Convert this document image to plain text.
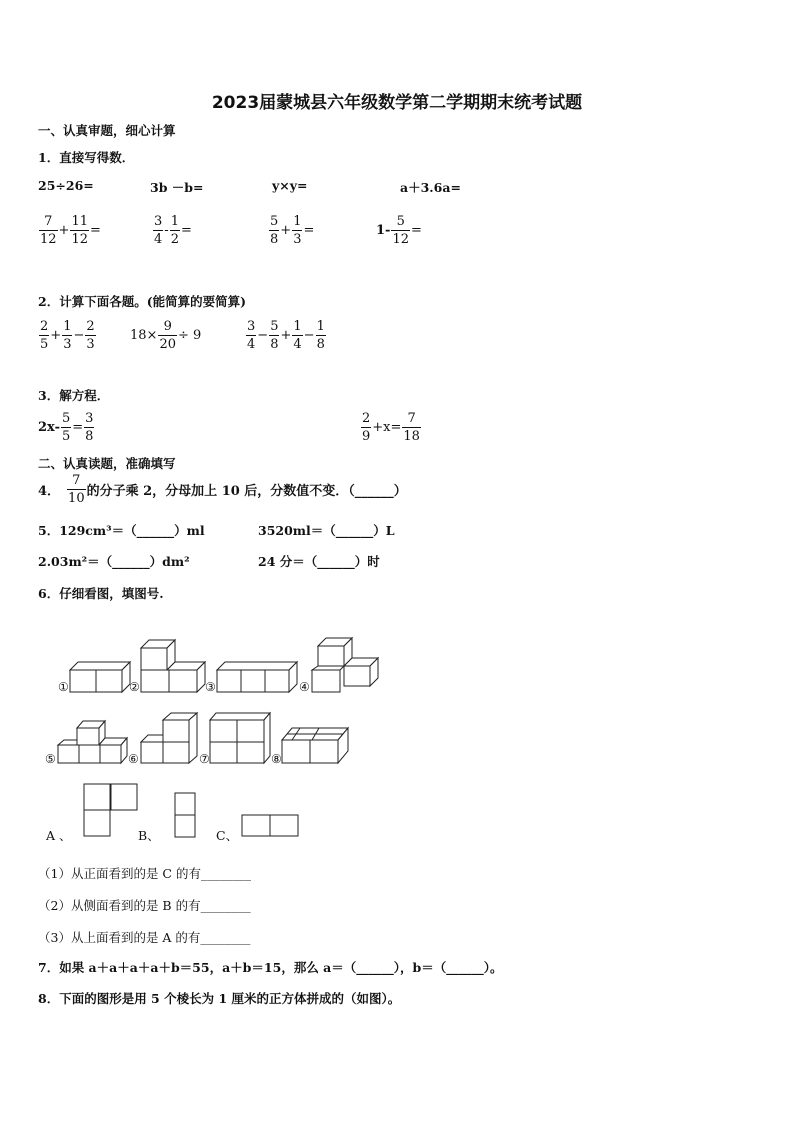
2023届蒙城县六年级数学第二学期期末统考试题
一、认真审题，细心计算
1．直接写得数．
25÷26=	3b －b=	y×y=	a＋3.6a=
$\frac{7}{12} + \frac{11}{12}$ =	$\frac{3}{4} - \frac{1}{2}$ =	$\frac{5}{8} + \frac{1}{3}$ =	$1- \frac{5}{12}$ =
2．计算下面各题。(能简算的要简算)
$\frac{2}{5} + \frac{1}{3} - \frac{2}{3}$	$18\times \frac{9}{20} \div 9$	$\frac{3}{4} - \frac{5}{8} + \frac{1}{4} - \frac{1}{8}$
3．解方程．
$2x- \frac{5}{5} = \frac{3}{8}$	$\frac{2}{9} +x= \frac{7}{18}$
二、认真读题，准确填写
4． $\frac{7}{10}$ 的分子乘 2，分母加上 10 后，分数值不变．（______）
5．129cm³＝（______）ml	3520ml＝（______）L
2.03m²＝（______）dm²	24 分＝（______）时
6．仔细看图，填图号.
①	②	③	④
⑤	⑥	⑦	⑧
A 、	B、	C、
（1）从正面看到的是 C 的有________
（2）从侧面看到的是 B 的有________
（3）从上面看到的是 A 的有________
7．如果 a＋a＋a＋a＋b＝55，a＋b＝15，那么 a＝（______），b＝（______）。
8．下面的图形是用 5 个棱长为 1 厘米的正方体拼成的（如图）。
